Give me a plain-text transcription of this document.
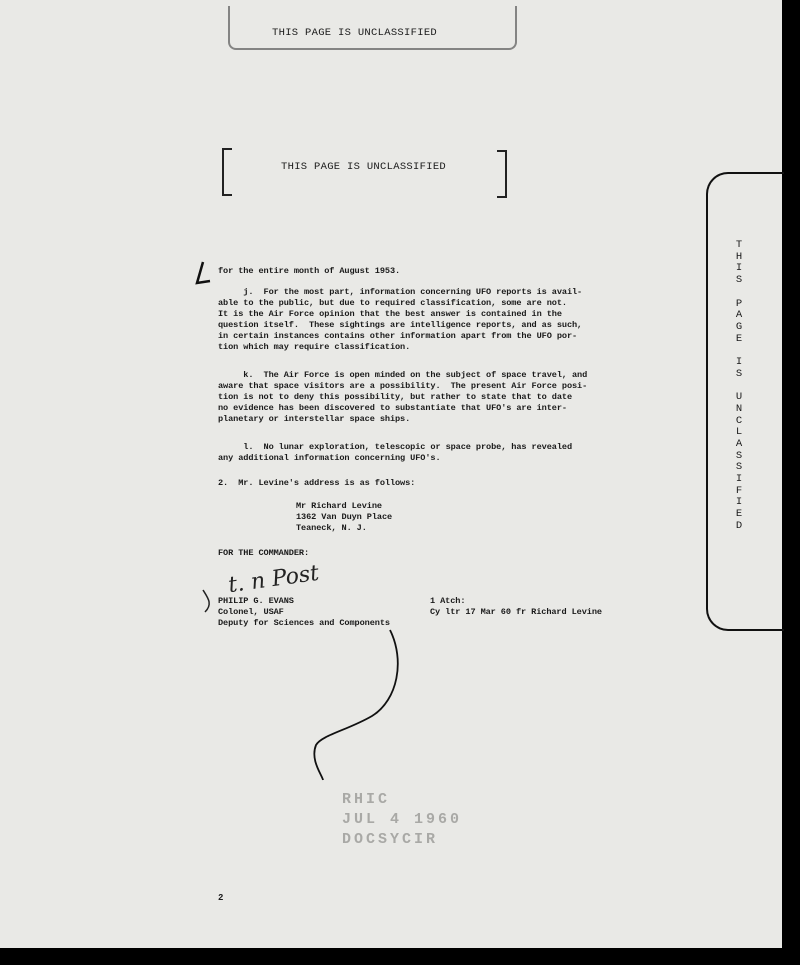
THIS PAGE IS UNCLASSIFIED
THIS PAGE IS UNCLASSIFIED
T
H
I
S

P
A
G
E

I
S

U
N
C
L
A
S
S
I
F
I
E
D
for the entire month of August 1953.
j.  For the most part, information concerning UFO reports is avail-
able to the public, but due to required classification, some are not.
It is the Air Force opinion that the best answer is contained in the
question itself.  These sightings are intelligence reports, and as such,
in certain instances contains other information apart from the UFO por-
tion which may require classification.
k.  The Air Force is open minded on the subject of space travel, and
aware that space visitors are a possibility.  The present Air Force posi-
tion is not to deny this possibility, but rather to state that to date
no evidence has been discovered to substantiate that UFO's are inter-
planetary or interstellar space ships.
l.  No lunar exploration, telescopic or space probe, has revealed
any additional information concerning UFO's.
2.  Mr. Levine's address is as follows:
Mr Richard Levine
1362 Van Duyn Place
Teaneck, N. J.
FOR THE COMMANDER:
PHILIP G. EVANS
Colonel, USAF
Deputy for Sciences and Components
1 Atch:
Cy ltr 17 Mar 60 fr Richard Levine
RHIC
JUL 4 1960
DOCSYCIR
2
t. n Post
